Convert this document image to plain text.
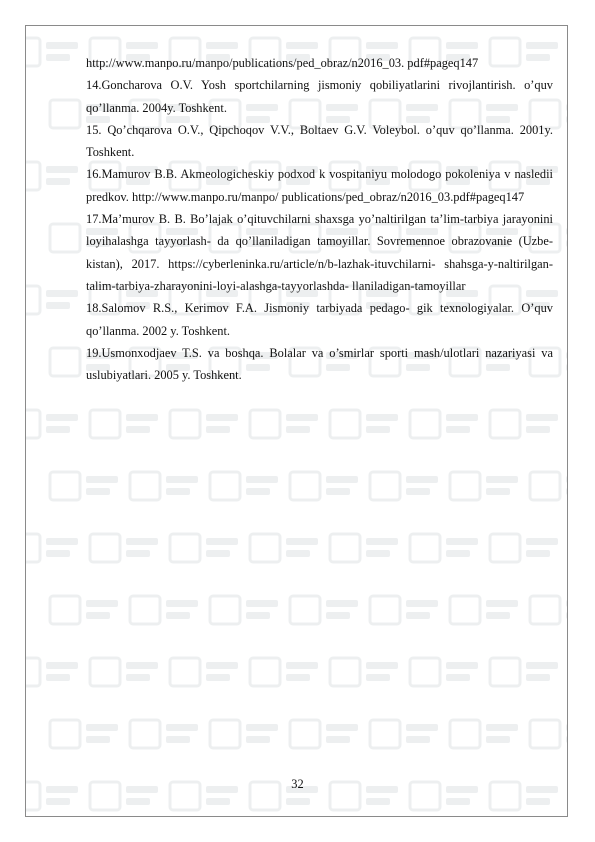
http://www.manpo.ru/manpo/publications/ped_obraz/n2016_03. pdf#pageq147

14.Goncharova O.V. Yosh sportchilarning jismoniy qobiliyatlarini rivojlantirish. o’quv qo’llanma. 2004y. Toshkent.

15. Qo’chqarova O.V., Qipchoqov V.V., Boltaev G.V. Voleybol. o’quv qo’llanma. 2001y. Toshkent.

16.Mamurov B.B. Akmeologicheskiy podxod k vospitaniyu molodogo pokoleniya v nasledii predkov. http://www.manpo.ru/manpo/ publications/ped_obraz/n2016_03.pdf#pageq147

17.Ma’murov B. B. Bo’lajak o’qituvchilarni shaxsga yo’naltirilgan ta’lim-tarbiya jarayonini loyihalashga tayyorlash- da qo’llaniladigan tamoyillar. Sovremennoe obrazovanie (Uzbe- kistan), 2017. https://cyberleninka.ru/article/n/b-lazhak-ituvchilarni- shahsga-y-naltirilgan-talim-tarbiya-zharayonini-loyi-alashga-tayyorlashda- llaniladigan-tamoyillar

18.Salomov R.S., Kerimov F.A. Jismoniy tarbiyada pedago- gik texnologiyalar. O’quv qo’llanma. 2002 y. Toshkent.

19.Usmonxodjaev T.S. va boshqa. Bolalar va o’smirlar sporti mash/ulotlari nazariyasi va uslubiyatlari. 2005 y. Toshkent.

32
